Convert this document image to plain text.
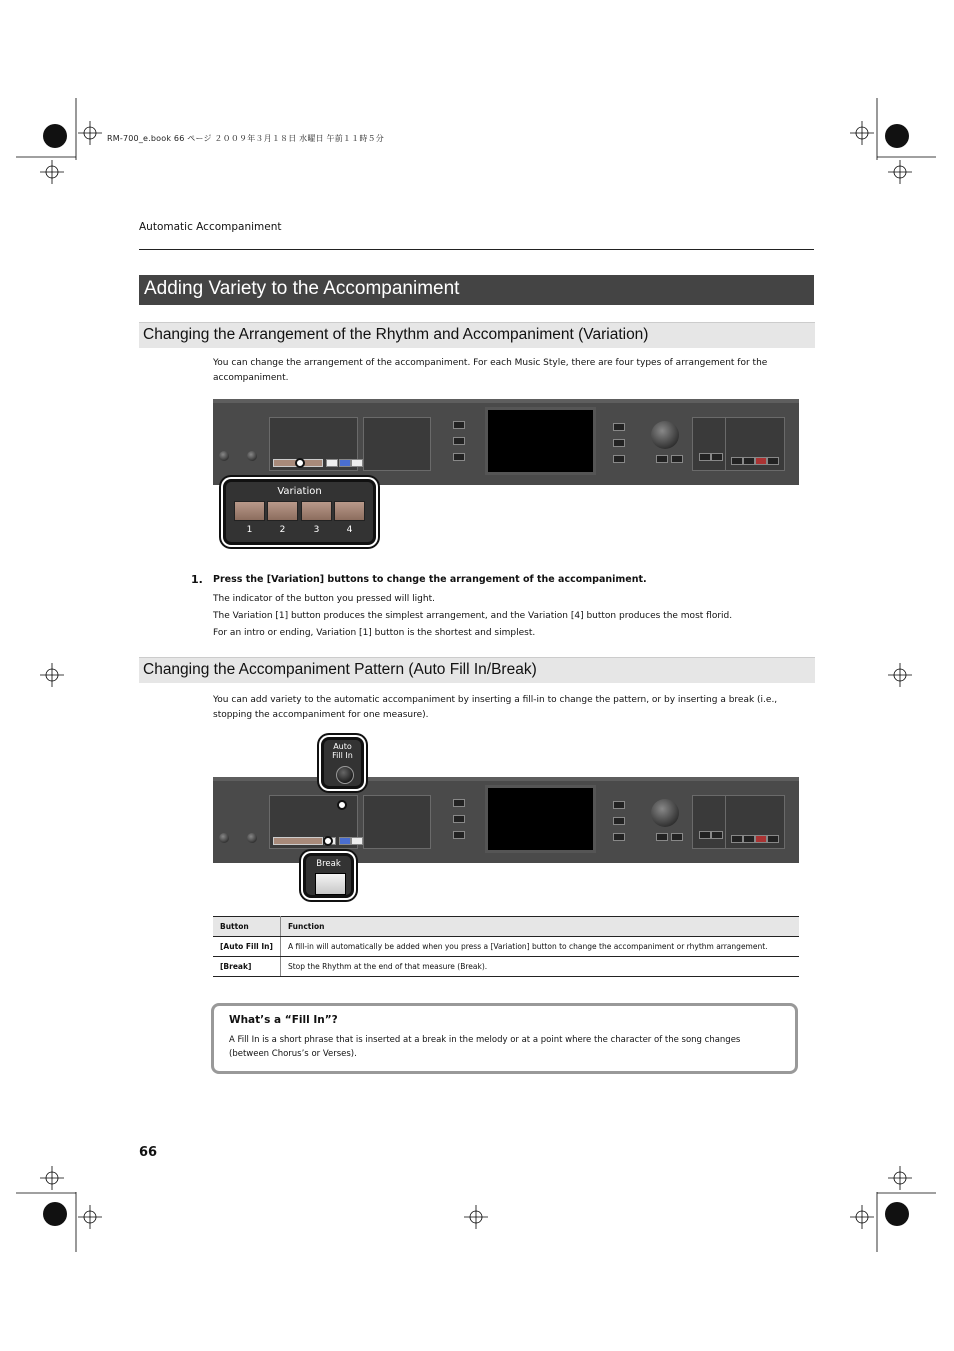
RM-700_e.book 66 ページ ２００９年３月１８日 水曜日 午前１１時５分
Automatic Accompaniment
Adding Variety to the Accompaniment
Changing the Arrangement of the Rhythm and Accompaniment (Variation)
You can change the arrangement of the accompaniment. For each Music Style, there are four types of arrangement for the accompaniment.
Variation
1	2	3	4
1. Press the [Variation] buttons to change the arrangement of the accompaniment.
The indicator of the button you pressed will light.
The Variation [1] button produces the simplest arrangement, and the Variation [4] button produces the most florid.
For an intro or ending, Variation [1] button is the shortest and simplest.
Changing the Accompaniment Pattern (Auto Fill In/Break)
You can add variety to the automatic accompaniment by inserting a fill-in to change the pattern, or by inserting a break (i.e., stopping the accompaniment for one measure).
Auto
Fill In
Break
Button	Function
[Auto Fill In]	A fill-in will automatically be added when you press a [Variation] button to change the accompaniment or rhythm arrangement.
[Break]	Stop the Rhythm at the end of that measure (Break).
What’s a “Fill In”?
A Fill In is a short phrase that is inserted at a break in the melody or at a point where the character of the song changes (between Chorus’s or Verses).
66
